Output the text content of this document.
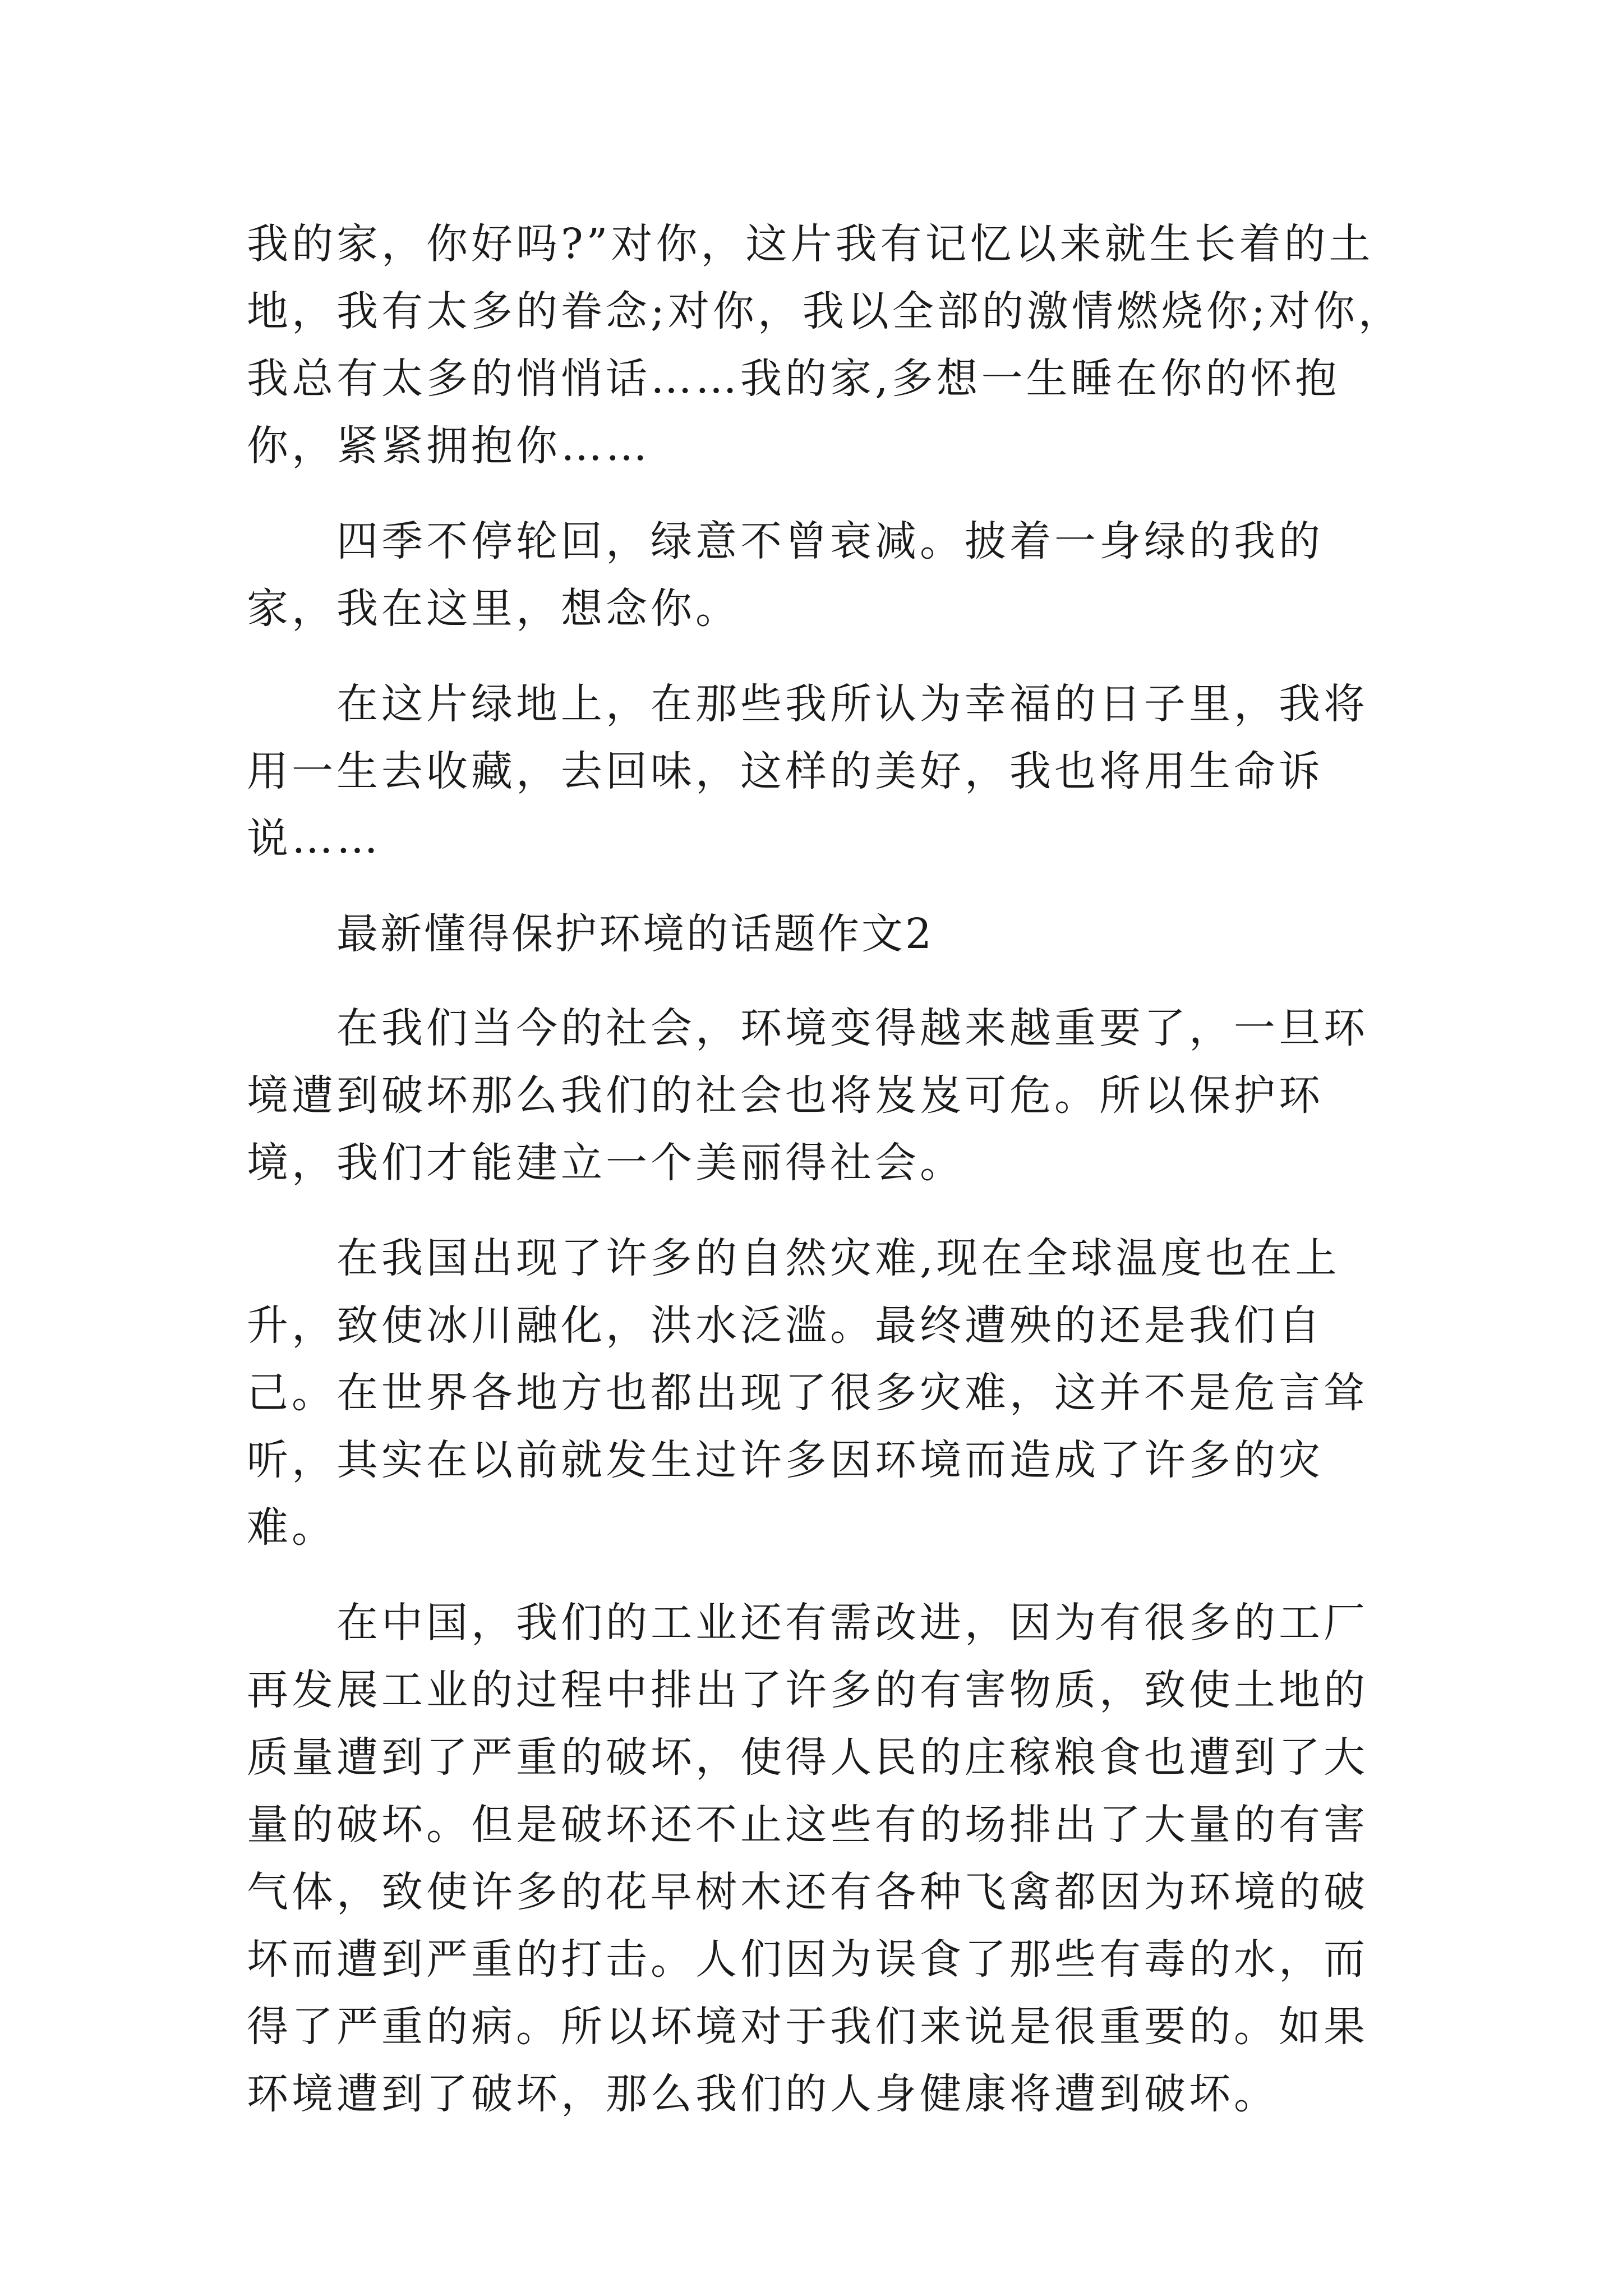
我的家，你好吗?”对你，这片我有记忆以来就生长着的土地，我有太多的眷念;对你，我以全部的激情燃烧你;对你，我总有太多的悄悄话……我的家,多想一生睡在你的怀抱你，紧紧拥抱你……

四季不停轮回，绿意不曾衰减。披着一身绿的我的家，我在这里，想念你。

在这片绿地上，在那些我所认为幸福的日子里，我将用一生去收藏，去回味，这样的美好，我也将用生命诉说……

最新懂得保护环境的话题作文2

在我们当今的社会，环境变得越来越重要了，一旦环境遭到破坏那么我们的社会也将岌岌可危。所以保护环境，我们才能建立一个美丽得社会。

在我国出现了许多的自然灾难,现在全球温度也在上升，致使冰川融化，洪水泛滥。最终遭殃的还是我们自己。在世界各地方也都出现了很多灾难，这并不是危言耸听，其实在以前就发生过许多因环境而造成了许多的灾难。

在中国，我们的工业还有需改进，因为有很多的工厂再发展工业的过程中排出了许多的有害物质，致使土地的质量遭到了严重的破坏，使得人民的庄稼粮食也遭到了大量的破坏。但是破坏还不止这些有的场排出了大量的有害气体，致使许多的花早树木还有各种飞禽都因为环境的破坏而遭到严重的打击。人们因为误食了那些有毒的水，而得了严重的病。所以坏境对于我们来说是很重要的。如果环境遭到了破坏，那么我们的人身健康将遭到破坏。
